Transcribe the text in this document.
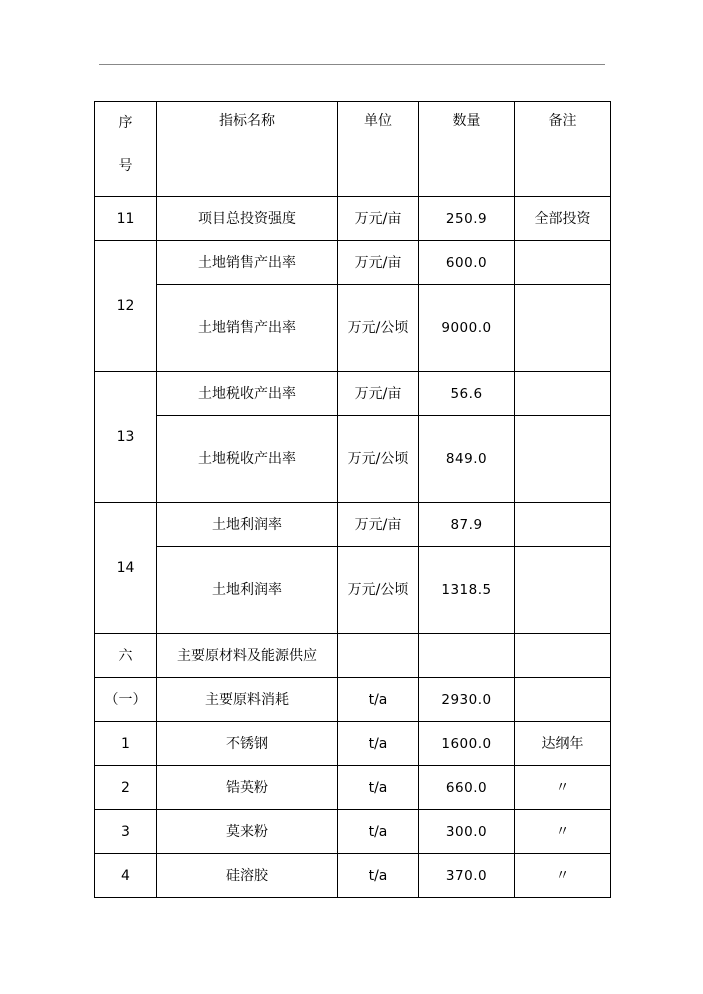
序号	指标名称	单位	数量	备注
11	项目总投资强度	万元/亩	250.9	全部投资
12	土地销售产出率	万元/亩	600.0	
	土地销售产出率	万元/公顷	9000.0	
13	土地税收产出率	万元/亩	56.6	
	土地税收产出率	万元/公顷	849.0	
14	土地利润率	万元/亩	87.9	
	土地利润率	万元/公顷	1318.5	
六	主要原材料及能源供应			
（一）	主要原料消耗	t/a	2930.0	
1	不锈钢	t/a	1600.0	达纲年
2	锆英粉	t/a	660.0	〃
3	莫来粉	t/a	300.0	〃
4	硅溶胶	t/a	370.0	〃
